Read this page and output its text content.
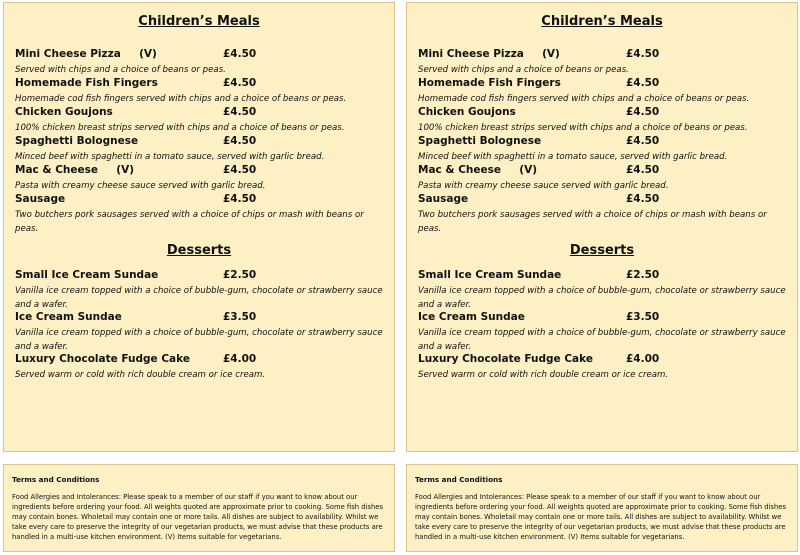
Children’s Meals
Mini Cheese Pizza     (V)	£4.50
Served with chips and a choice of beans or peas.
Homemade Fish Fingers	£4.50
Homemade cod fish fingers served with chips and a choice of beans or peas.
Chicken Goujons	£4.50
100% chicken breast strips served with chips and a choice of beans or peas.
Spaghetti Bolognese	£4.50
Minced beef with spaghetti in a tomato sauce, served with garlic bread.
Mac & Cheese     (V)	£4.50
Pasta with creamy cheese sauce served with garlic bread.
Sausage	£4.50
Two butchers pork sausages served with a choice of chips or mash with beans or peas.
Desserts
Small Ice Cream Sundae	£2.50
Vanilla ice cream topped with a choice of bubble-gum, chocolate or strawberry sauce and a wafer.
Ice Cream Sundae	£3.50
Vanilla ice cream topped with a choice of bubble-gum, chocolate or strawberry sauce and a wafer.
Luxury Chocolate Fudge Cake	£4.00
Served warm or cold with rich double cream or ice cream.
Children’s Meals
Mini Cheese Pizza     (V)	£4.50
Served with chips and a choice of beans or peas.
Homemade Fish Fingers	£4.50
Homemade cod fish fingers served with chips and a choice of beans or peas.
Chicken Goujons	£4.50
100% chicken breast strips served with chips and a choice of beans or peas.
Spaghetti Bolognese	£4.50
Minced beef with spaghetti in a tomato sauce, served with garlic bread.
Mac & Cheese     (V)	£4.50
Pasta with creamy cheese sauce served with garlic bread.
Sausage	£4.50
Two butchers pork sausages served with a choice of chips or mash with beans or peas.
Desserts
Small Ice Cream Sundae	£2.50
Vanilla ice cream topped with a choice of bubble-gum, chocolate or strawberry sauce and a wafer.
Ice Cream Sundae	£3.50
Vanilla ice cream topped with a choice of bubble-gum, chocolate or strawberry sauce and a wafer.
Luxury Chocolate Fudge Cake	£4.00
Served warm or cold with rich double cream or ice cream.
Terms and Conditions
Food Allergies and Intolerances: Please speak to a member of our staff if you want to know about our ingredients before ordering your food. All weights quoted are approximate prior to cooking. Some fish dishes may contain bones. Wholetail may contain one or more tails. All dishes are subject to availability. Whilst we take every care to preserve the integrity of our vegetarian products, we must advise that these products are handled in a multi-use kitchen environment. (V) Items suitable for vegetarians.
Terms and Conditions
Food Allergies and Intolerances: Please speak to a member of our staff if you want to know about our ingredients before ordering your food. All weights quoted are approximate prior to cooking. Some fish dishes may contain bones. Wholetail may contain one or more tails. All dishes are subject to availability. Whilst we take every care to preserve the integrity of our vegetarian products, we must advise that these products are handled in a multi-use kitchen environment. (V) Items suitable for vegetarians.
